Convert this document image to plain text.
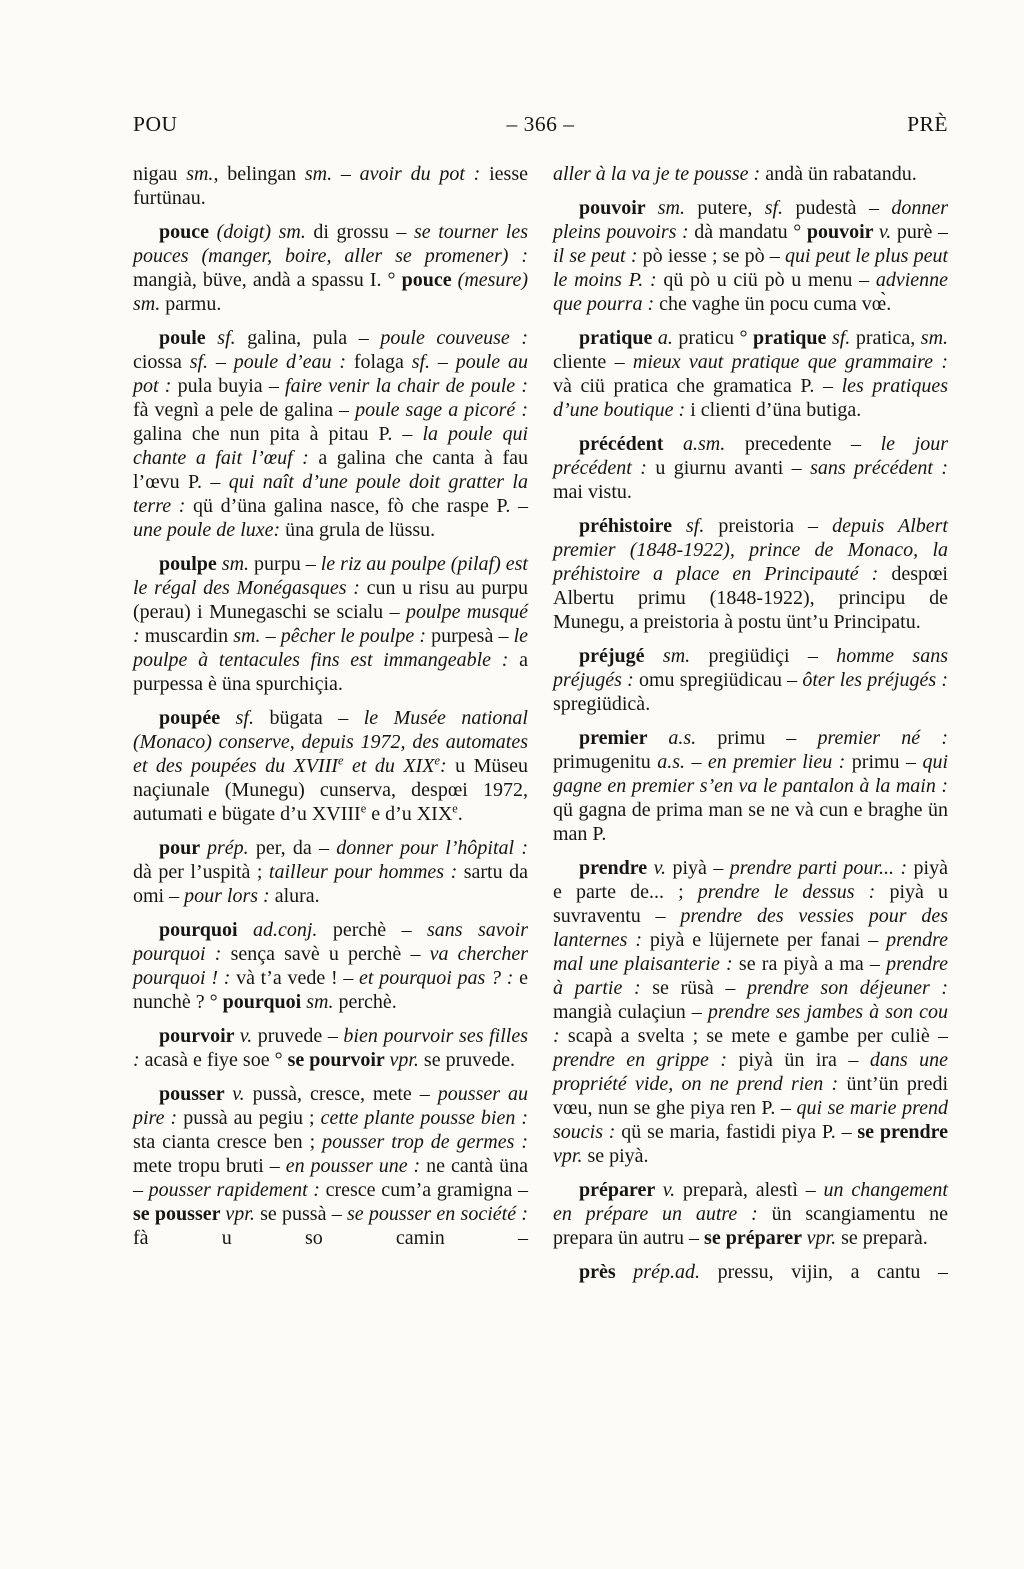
POU	– 366 –	PRÈ

nigau sm., belingan sm. – avoir du pot : iesse furtünau.

pouce (doigt) sm. di grossu – se tourner les pouces (manger, boire, aller se promener) : mangià, büve, andà a spassu I. ° pouce (mesure) sm. parmu.

poule sf. galina, pula – poule couveuse : ciossa sf. – poule d’eau : folaga sf. – poule au pot : pula buyia – faire venir la chair de poule : fà vegnì a pele de galina – poule sage a picoré : galina che nun pita à pitau P. – la poule qui chante a fait l’œuf : a galina che canta à fau l’œvu P. – qui naît d’une poule doit gratter la terre : qü d’üna galina nasce, fò che raspe P. – une poule de luxe: üna grula de lüssu.

poulpe sm. purpu – le riz au poulpe (pilaf) est le régal des Monégasques : cun u risu au purpu (perau) i Munegaschi se scialu – poulpe musqué : muscardin sm. – pêcher le poulpe : purpesà – le poulpe à tentacules fins est immangeable : a purpessa è üna spurchiçia.

poupée sf. bügata – le Musée national (Monaco) conserve, depuis 1972, des automates et des poupées du XVIIIe et du XIXe: u Müseu naçiunale (Munegu) cunserva, despœi 1972, autumati e bügate d’u XVIIIe e d’u XIXe.

pour prép. per, da – donner pour l’hôpital : dà per l’uspità ; tailleur pour hommes : sartu da omi – pour lors : alura.

pourquoi ad.conj. perchè – sans savoir pourquoi : sença savè u perchè – va chercher pourquoi ! : và t’a vede ! – et pourquoi pas ? : e nunchè ? ° pourquoi sm. perchè.

pourvoir v. pruvede – bien pourvoir ses filles : acasà e fiye soe ° se pourvoir vpr. se pruvede.

pousser v. pussà, cresce, mete – pousser au pire : pussà au pegiu ; cette plante pousse bien : sta cianta cresce ben ; pousser trop de germes : mete tropu bruti – en pousser une : ne cantà üna – pousser rapidement : cresce cum’a gramigna – se pousser vpr. se pussà – se pousser en société : fà u so camin –

aller à la va je te pousse : andà ün rabatandu.

pouvoir sm. putere, sf. pudestà – donner pleins pouvoirs : dà mandatu ° pouvoir v. purè – il se peut : pò iesse ; se pò – qui peut le plus peut le moins P. : qü pò u ciü pò u menu – advienne que pourra : che vaghe ün pocu cuma vœ̀.

pratique a. praticu ° pratique sf. pratica, sm. cliente – mieux vaut pratique que grammaire : và ciü pratica che gramatica P. – les pratiques d’une boutique : i clienti d’üna butiga.

précédent a.sm. precedente – le jour précédent : u giurnu avanti – sans précédent : mai vistu.

préhistoire sf. preistoria – depuis Albert premier (1848-1922), prince de Monaco, la préhistoire a place en Principauté : despœi Albertu primu (1848-1922), principu de Munegu, a preistoria à postu ünt’u Principatu.

préjugé sm. pregiüdiçi – homme sans préjugés : omu spregiüdicau – ôter les préjugés : spregiüdicà.

premier a.s. primu – premier né : primugenitu a.s. – en premier lieu : primu – qui gagne en premier s’en va le pantalon à la main : qü gagna de prima man se ne và cun e braghe ün man P.

prendre v. piyà – prendre parti pour... : piyà e parte de... ; prendre le dessus : piyà u suvraventu – prendre des vessies pour des lanternes : piyà e lüjernete per fanai – prendre mal une plaisanterie : se ra piyà a ma – prendre à partie : se rüsà – prendre son déjeuner : mangià culaçiun – prendre ses jambes à son cou : scapà a svelta ; se mete e gambe per culiè – prendre en grippe : piyà ün ira – dans une propriété vide, on ne prend rien : ünt’ün predi vœu, nun se ghe piya ren P. – qui se marie prend soucis : qü se maria, fastidi piya P. – se prendre vpr. se piyà.

préparer v. preparà, alestì – un changement en prépare un autre : ün scangiamentu ne prepara ün autru – se préparer vpr. se preparà.

près prép.ad. pressu, vijin, a cantu –
